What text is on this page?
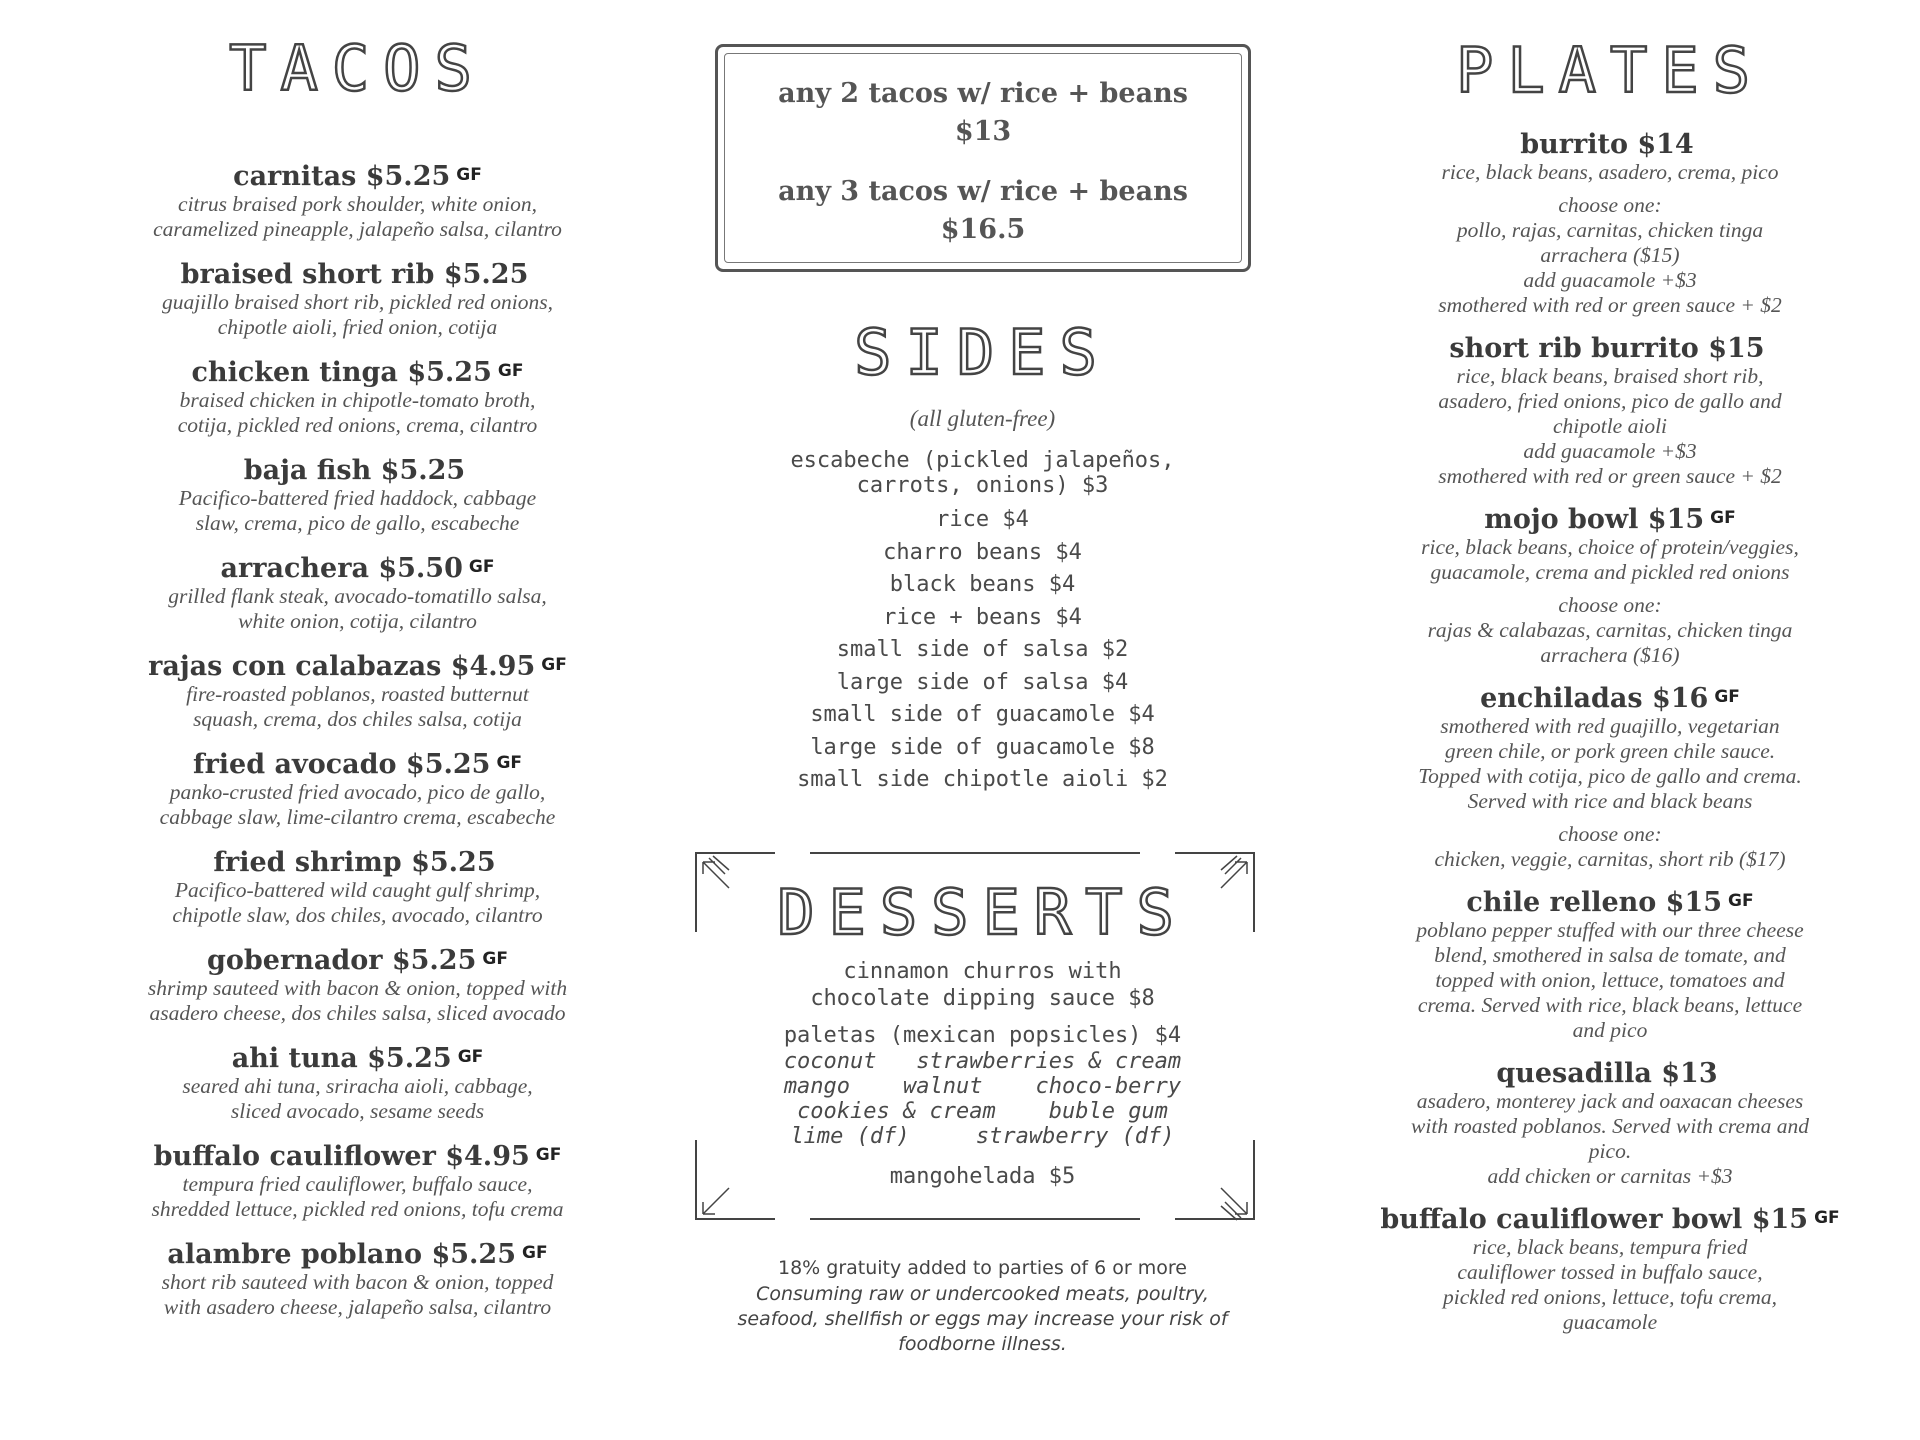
TACOS
carnitas $5.25 GF
citrus braised pork shoulder, white onion,
caramelized pineapple, jalapeño salsa, cilantro
braised short rib $5.25
guajillo braised short rib, pickled red onions,
chipotle aioli, fried onion, cotija
chicken tinga $5.25 GF
braised chicken in chipotle-tomato broth,
cotija, pickled red onions, crema, cilantro
baja fish $5.25
Pacifico-battered fried haddock, cabbage
slaw, crema, pico de gallo, escabeche
arrachera $5.50 GF
grilled flank steak, avocado-tomatillo salsa,
white onion, cotija, cilantro
rajas con calabazas $4.95 GF
fire-roasted poblanos, roasted butternut
squash, crema, dos chiles salsa, cotija
fried avocado $5.25 GF
panko-crusted fried avocado, pico de gallo,
cabbage slaw, lime-cilantro crema, escabeche
fried shrimp $5.25
Pacifico-battered wild caught gulf shrimp,
chipotle slaw, dos chiles, avocado, cilantro
gobernador $5.25 GF
shrimp sauteed with bacon & onion, topped with
asadero cheese, dos chiles salsa, sliced avocado
ahi tuna $5.25 GF
seared ahi tuna, sriracha aioli, cabbage,
sliced avocado, sesame seeds
buffalo cauliflower $4.95 GF
tempura fried cauliflower, buffalo sauce,
shredded lettuce, pickled red onions, tofu crema
alambre poblano $5.25 GF
short rib sauteed with bacon & onion, topped
with asadero cheese, jalapeño salsa, cilantro
any 2 tacos w/ rice + beans
$13
any 3 tacos w/ rice + beans
$16.5
SIDES
(all gluten-free)
escabeche (pickled jalapeños,
carrots, onions) $3
rice $4
charro beans $4
black beans $4
rice + beans $4
small side of salsa $2
large side of salsa $4
small side of guacamole $4
large side of guacamole $8
small side chipotle aioli $2
DESSERTS
cinnamon churros with
chocolate dipping sauce $8
paletas (mexican popsicles) $4
coconut   strawberries & cream
mango    walnut    choco-berry
cookies & cream    buble gum
lime (df)     strawberry (df)
mangohelada $5
18% gratuity added to parties of 6 or more
Consuming raw or undercooked meats, poultry,
seafood, shellfish or eggs may increase your risk of
foodborne illness.
PLATES
burrito $14
rice, black beans, asadero, crema, pico
choose one:
pollo, rajas, carnitas, chicken tinga
arrachera ($15)
add guacamole +$3
smothered with red or green sauce + $2
short rib burrito $15
rice, black beans, braised short rib,
asadero, fried onions, pico de gallo and
chipotle aioli
add guacamole +$3
smothered with red or green sauce + $2
mojo bowl $15 GF
rice, black beans, choice of protein/veggies,
guacamole, crema and pickled red onions
choose one:
rajas & calabazas, carnitas, chicken tinga
arrachera ($16)
enchiladas $16 GF
smothered with red guajillo, vegetarian
green chile, or pork green chile sauce.
Topped with cotija, pico de gallo and crema.
Served with rice and black beans
choose one:
chicken, veggie, carnitas, short rib ($17)
chile relleno $15 GF
poblano pepper stuffed with our three cheese
blend, smothered in salsa de tomate, and
topped with onion, lettuce, tomatoes and
crema. Served with rice, black beans, lettuce
and pico
quesadilla $13
asadero, monterey jack and oaxacan cheeses
with roasted poblanos. Served with crema and
pico.
add chicken or carnitas +$3
buffalo cauliflower bowl $15 GF
rice, black beans, tempura fried
cauliflower tossed in buffalo sauce,
pickled red onions, lettuce, tofu crema,
guacamole
